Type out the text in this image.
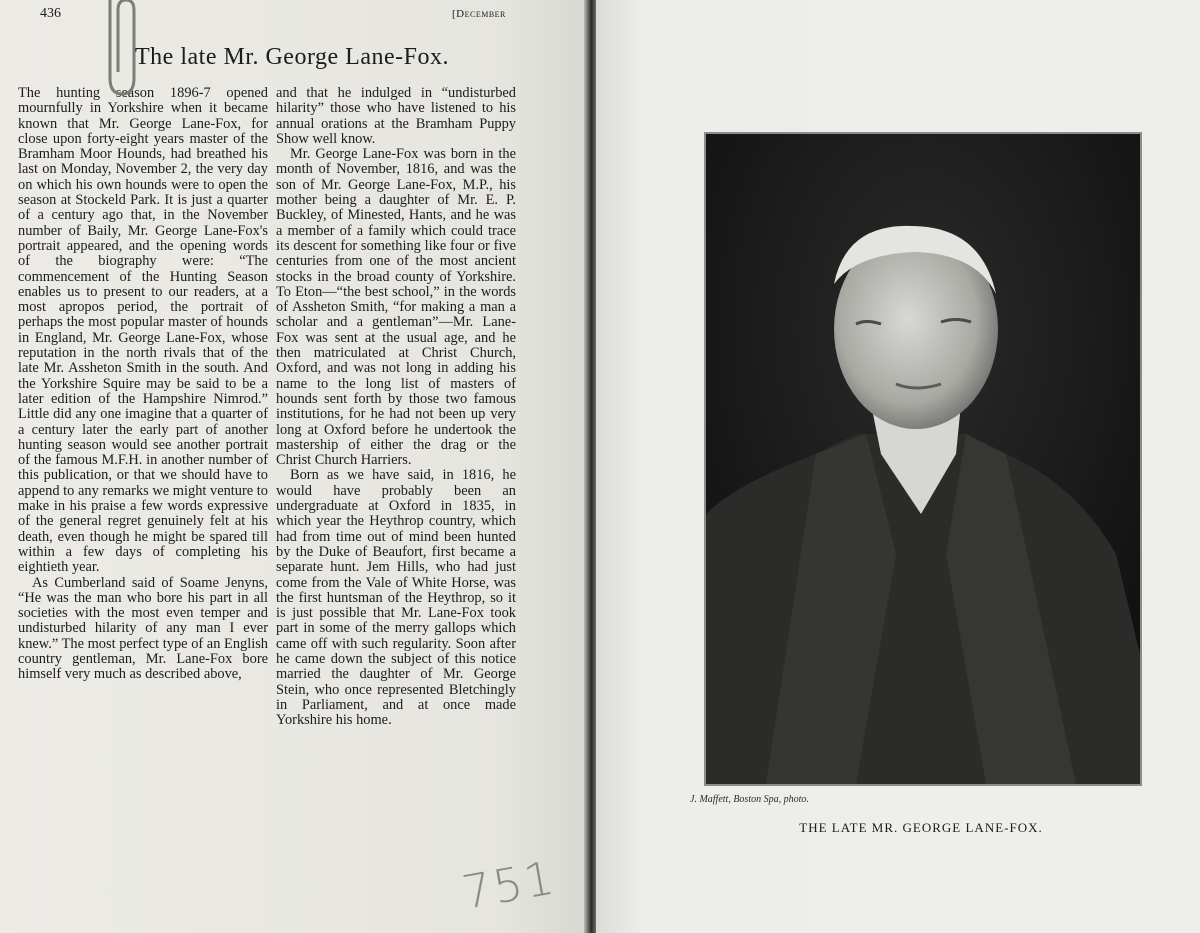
436	[December
The late Mr. George Lane-Fox.

The hunting season 1896-7 opened mournfully in Yorkshire when it became known that Mr. George Lane-Fox, for close upon forty-eight years master of the Bramham Moor Hounds, had breathed his last on Monday, November 2, the very day on which his own hounds were to open the season at Stockeld Park. It is just a quarter of a century ago that, in the November number of Baily, Mr. George Lane-Fox's portrait appeared, and the opening words of the biography were: “The commencement of the Hunting Season enables us to present to our readers, at a most apropos period, the portrait of perhaps the most popular master of hounds in England, Mr. George Lane-Fox, whose reputation in the north rivals that of the late Mr. Assheton Smith in the south. And the Yorkshire Squire may be said to be a later edition of the Hampshire Nimrod.” Little did any one imagine that a quarter of a century later the early part of another hunting season would see another portrait of the famous M.F.H. in another number of this publication, or that we should have to append to any remarks we might venture to make in his praise a few words expressive of the general regret genuinely felt at his death, even though he might be spared till within a few days of completing his eightieth year.

As Cumberland said of Soame Jenyns, “He was the man who bore his part in all societies with the most even temper and undisturbed hilarity of any man I ever knew.” The most perfect type of an English country gentleman, Mr. Lane-Fox bore himself very much as described above,

and that he indulged in “undisturbed hilarity” those who have listened to his annual orations at the Bramham Puppy Show well know.

Mr. George Lane-Fox was born in the month of November, 1816, and was the son of Mr. George Lane-Fox, M.P., his mother being a daughter of Mr. E. P. Buckley, of Minested, Hants, and he was a member of a family which could trace its descent for something like four or five centuries from one of the most ancient stocks in the broad county of Yorkshire. To Eton—“the best school,” in the words of Assheton Smith, “for making a man a scholar and a gentleman”—Mr. Lane-Fox was sent at the usual age, and he then matriculated at Christ Church, Oxford, and was not long in adding his name to the long list of masters of hounds sent forth by those two famous institutions, for he had not been up very long at Oxford before he undertook the mastership of either the drag or the Christ Church Harriers.

Born as we have said, in 1816, he would have probably been an undergraduate at Oxford in 1835, in which year the Heythrop country, which had from time out of mind been hunted by the Duke of Beaufort, first became a separate hunt. Jem Hills, who had just come from the Vale of White Horse, was the first huntsman of the Heythrop, so it is just possible that Mr. Lane-Fox took part in some of the merry gallops which came off with such regularity. Soon after he came down the subject of this notice married the daughter of Mr. George Stein, who once represented Bletchingly in Parliament, and at once made Yorkshire his home.

751
J. Maffett, Boston Spa, photo.
THE LATE MR. GEORGE LANE-FOX.
